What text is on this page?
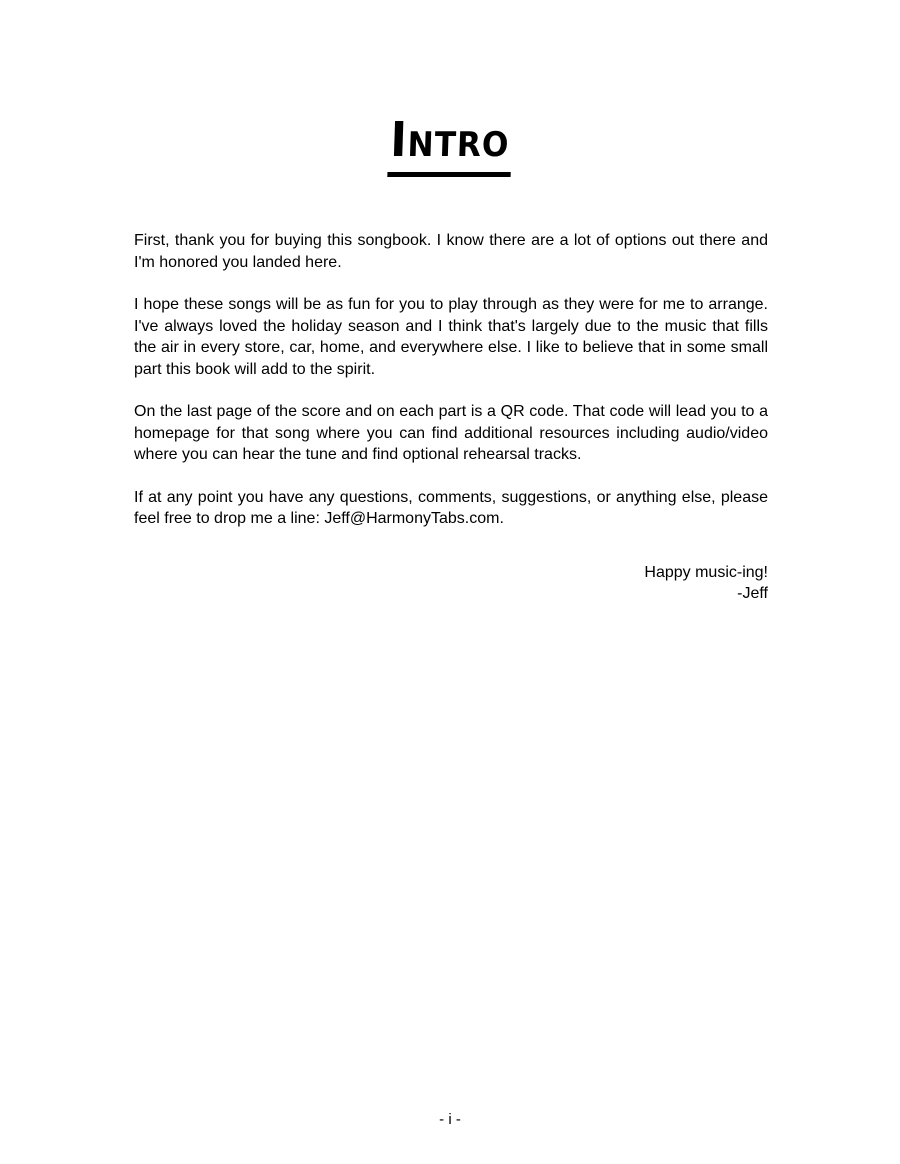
Intro

First, thank you for buying this songbook. I know there are a lot of options out there and I'm honored you landed here.

I hope these songs will be as fun for you to play through as they were for me to arrange. I've always loved the holiday season and I think that's largely due to the music that fills the air in every store, car, home, and everywhere else. I like to believe that in some small part this book will add to the spirit.

On the last page of the score and on each part is a QR code. That code will lead you to a homepage for that song where you can find additional resources including audio/video where you can hear the tune and find optional rehearsal tracks.

If at any point you have any questions, comments, suggestions, or anything else, please feel free to drop me a line: Jeff@HarmonyTabs.com.

Happy music-ing!
-Jeff
- i -
